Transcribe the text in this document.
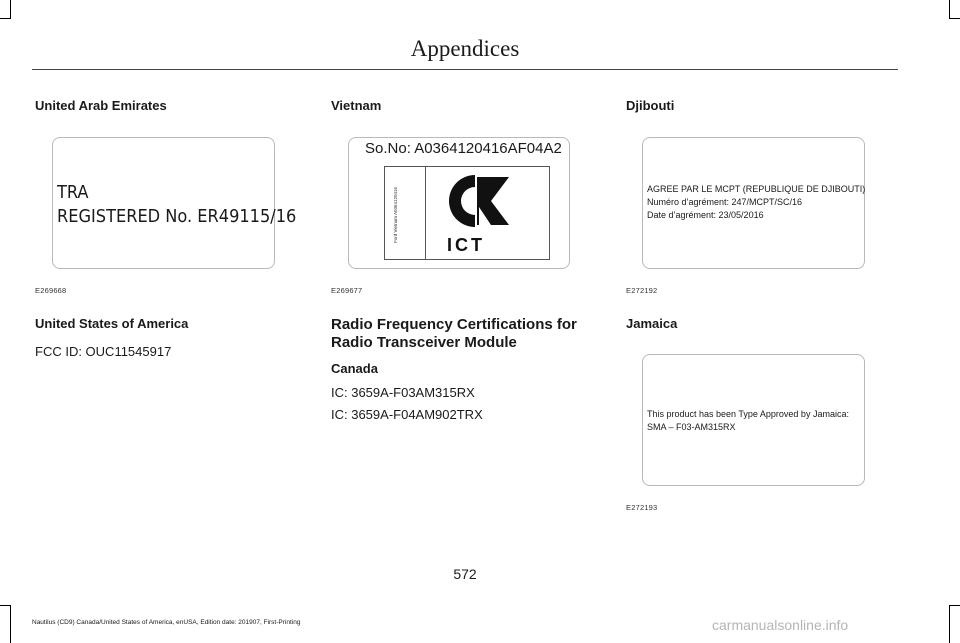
Appendices
United Arab Emirates
TRA
REGISTERED No. ER49115/16
E269668
United States of America
FCC ID: OUC11545917
Vietnam
So.No: A0364120416AF04A2
Ford Vietnam A0364120416
ICT
E269677
Radio Frequency Certifications for Radio Transceiver Module
Canada
IC: 3659A-F03AM315RX
IC: 3659A-F04AM902TRX
Djibouti
AGREE PAR LE MCPT (REPUBLIQUE DE DJIBOUTI)
Numéro d’agrément: 247/MCPT/SC/16
Date d’agrément: 23/05/2016
E272192
Jamaica
This product has been Type Approved by Jamaica:
SMA – F03-AM315RX
E272193
572
Nautilus (CD9) Canada/United States of America, enUSA, Edition date: 201907, First-Printing	carmanualsonline.info
